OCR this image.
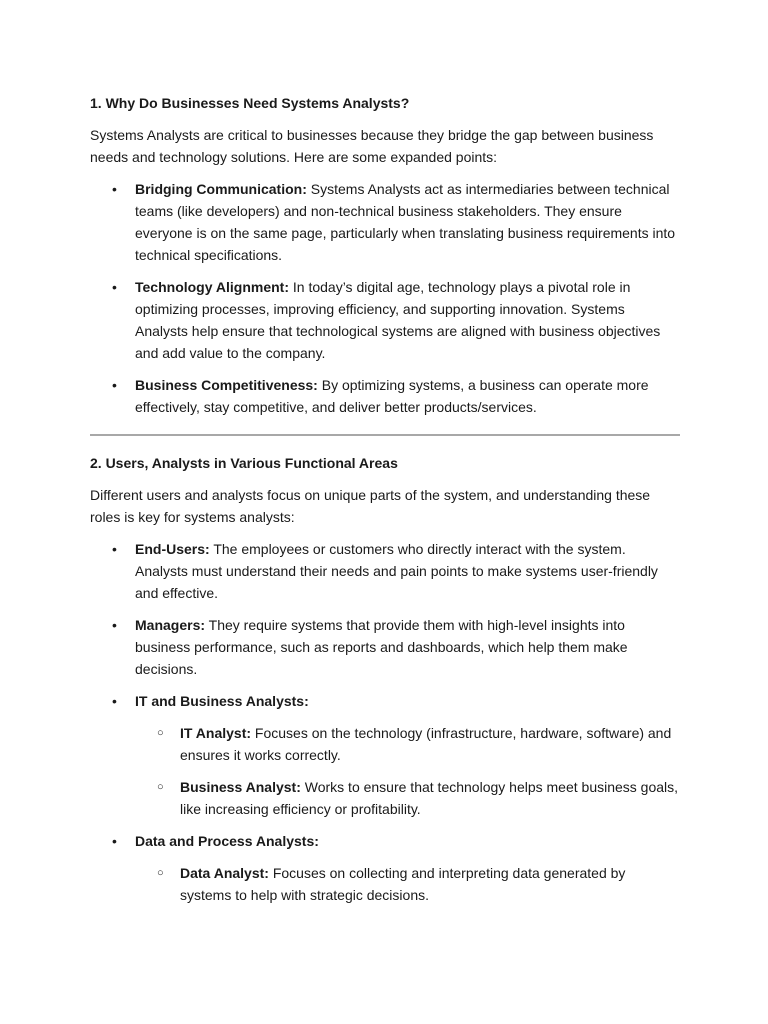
1. Why Do Businesses Need Systems Analysts?

Systems Analysts are critical to businesses because they bridge the gap between business needs and technology solutions. Here are some expanded points:

• Bridging Communication: Systems Analysts act as intermediaries between technical teams (like developers) and non-technical business stakeholders. They ensure everyone is on the same page, particularly when translating business requirements into technical specifications.
• Technology Alignment: In today’s digital age, technology plays a pivotal role in optimizing processes, improving efficiency, and supporting innovation. Systems Analysts help ensure that technological systems are aligned with business objectives and add value to the company.
• Business Competitiveness: By optimizing systems, a business can operate more effectively, stay competitive, and deliver better products/services.
2. Users, Analysts in Various Functional Areas

Different users and analysts focus on unique parts of the system, and understanding these roles is key for systems analysts:

• End-Users: The employees or customers who directly interact with the system. Analysts must understand their needs and pain points to make systems user-friendly and effective.
• Managers: They require systems that provide them with high-level insights into business performance, such as reports and dashboards, which help them make decisions.
• IT and Business Analysts:
○ IT Analyst: Focuses on the technology (infrastructure, hardware, software) and ensures it works correctly.
○ Business Analyst: Works to ensure that technology helps meet business goals, like increasing efficiency or profitability.
• Data and Process Analysts:
○ Data Analyst: Focuses on collecting and interpreting data generated by systems to help with strategic decisions.
